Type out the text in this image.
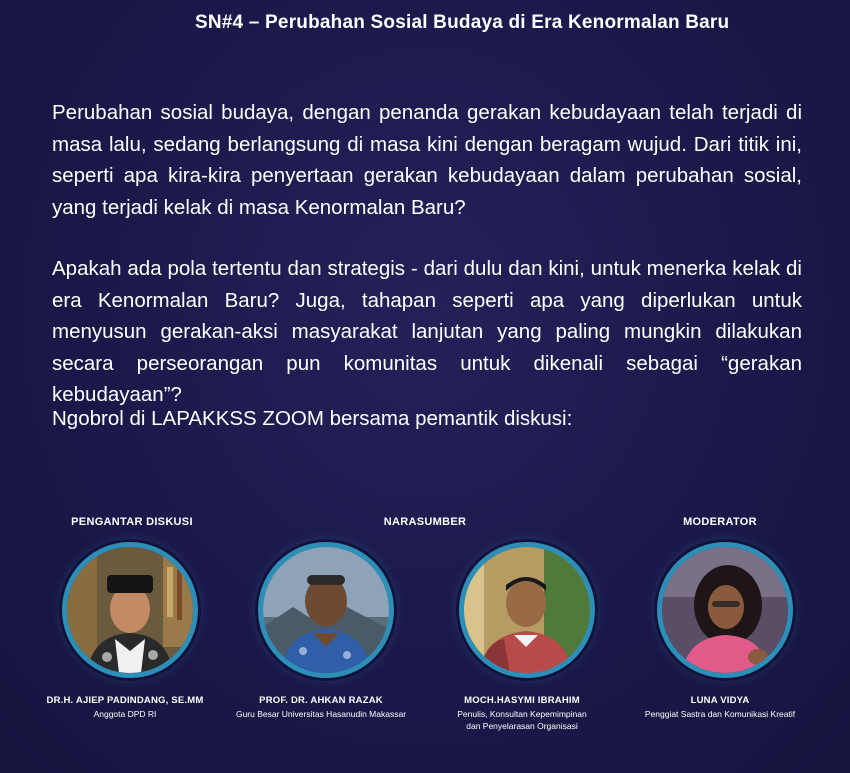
SN#4 – Perubahan Sosial Budaya di Era Kenormalan Baru
Perubahan sosial budaya, dengan penanda gerakan kebudayaan telah terjadi di masa lalu, sedang berlangsung di masa kini dengan beragam wujud. Dari titik ini, seperti apa kira-kira penyertaan gerakan kebudayaan dalam perubahan sosial, yang terjadi kelak di masa Kenormalan Baru?
Apakah ada pola tertentu dan strategis - dari dulu dan kini, untuk menerka kelak di era Kenormalan Baru? Juga, tahapan seperti apa yang diperlukan untuk menyusun gerakan-aksi masyarakat lanjutan yang paling mungkin dilakukan secara perseorangan pun komunitas untuk dikenali sebagai “gerakan kebudayaan”?
Ngobrol di LAPAKKSS ZOOM bersama pemantik diskusi:
PENGANTAR DISKUSI	NARASUMBER	MODERATOR
DR.H. AJIEP PADINDANG, SE.MM
Anggota DPD RI
PROF. DR. AHKAN RAZAK
Guru Besar Universitas Hasanudin Makassar
MOCH.HASYMI IBRAHIM
Penulis, Konsultan Kepemimpinan dan Penyelarasan Organisasi
LUNA VIDYA
Penggiat Sastra dan Komunikasi Kreatif
